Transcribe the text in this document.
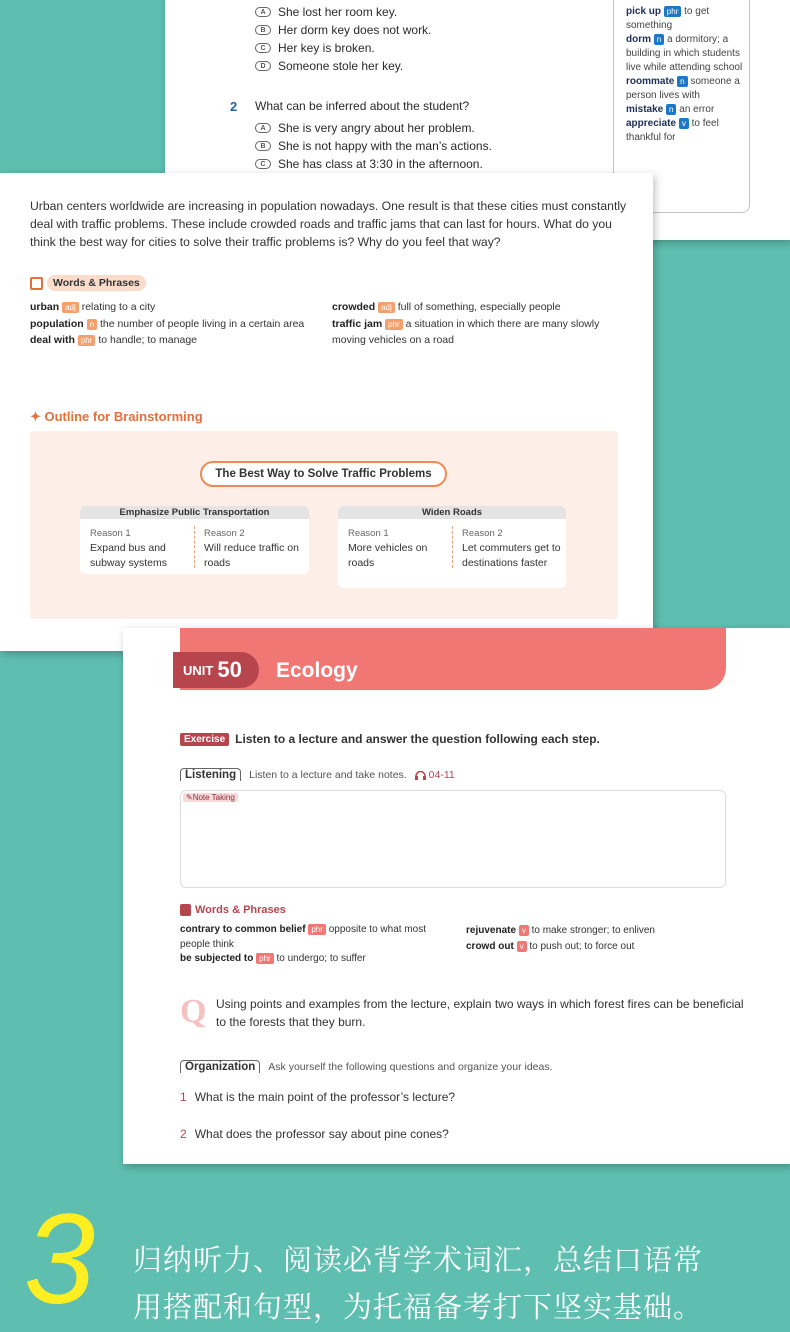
A	She lost her room key.
B	Her dorm key does not work.
C	Her key is broken.
D	Someone stole her key.
2 What can be inferred about the student?
A	She is very angry about her problem.
B	She is not happy with the man’s actions.
C	She has class at 3:30 in the afternoon.
pick up phr to get something
dorm n a dormitory; a building in which students live while attending school
roommate n someone a person lives with
mistake n an error
appreciate v to feel thankful for
Urban centers worldwide are increasing in population nowadays. One result is that these cities must constantly deal with traffic problems. These include crowded roads and traffic jams that can last for hours. What do you think the best way for cities to solve their traffic problems is? Why do you feel that way?
Words & Phrases
urban adj relating to a city
population n the number of people living in a certain area
deal with phr to handle; to manage
crowded adj full of something, especially people
traffic jam phr a situation in which there are many slowly moving vehicles on a road
✦ Outline for Brainstorming
The Best Way to Solve Traffic Problems
Emphasize Public Transportation
Reason 1
Expand bus and subway systems
Reason 2
Will reduce traffic on roads
Widen Roads
Reason 1
More vehicles on roads
Reason 2
Let commuters get to destinations faster
UNIT 50 Ecology
Exercise Listen to a lecture and answer the question following each step.
Listening	Listen to a lecture and take notes.	04-11
✎Note Taking
Words & Phrases
contrary to common belief phr opposite to what most people think
be subjected to phr to undergo; to suffer
rejuvenate v to make stronger; to enliven
crowd out v to push out; to force out
Q Using points and examples from the lecture, explain two ways in which forest fires can be beneficial to the forests that they burn.
Organization	Ask yourself the following questions and organize your ideas.
1 What is the main point of the professor’s lecture?
2 What does the professor say about pine cones?
3 归纳听力、阅读必背学术词汇，总结口语常
用搭配和句型，为托福备考打下坚实基础。
